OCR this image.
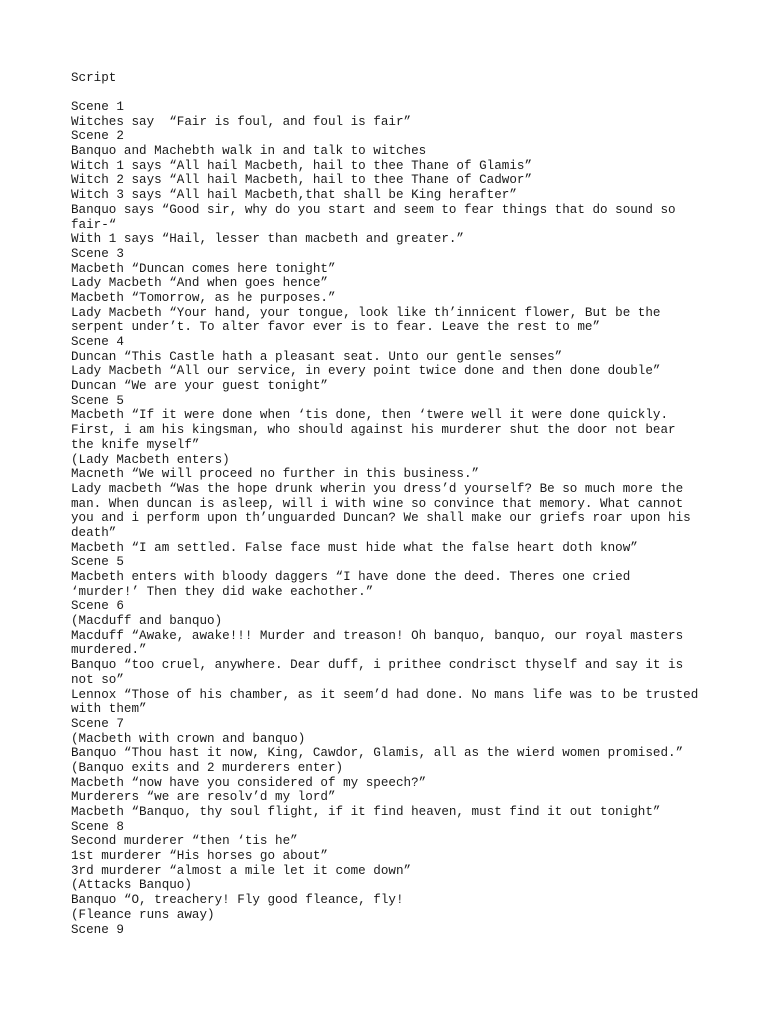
Script
Scene 1
Witches say  “Fair is foul, and foul is fair”
Scene 2
Banquo and Machebth walk in and talk to witches
Witch 1 says “All hail Macbeth, hail to thee Thane of Glamis”
Witch 2 says “All hail Macbeth, hail to thee Thane of Cadwor”
Witch 3 says “All hail Macbeth,that shall be King herafter”
Banquo says “Good sir, why do you start and seem to fear things that do sound so
fair-“
With 1 says “Hail, lesser than macbeth and greater.”
Scene 3
Macbeth “Duncan comes here tonight”
Lady Macbeth “And when goes hence”
Macbeth “Tomorrow, as he purposes.”
Lady Macbeth “Your hand, your tongue, look like th’innicent flower, But be the
serpent under’t. To alter favor ever is to fear. Leave the rest to me”
Scene 4
Duncan “This Castle hath a pleasant seat. Unto our gentle senses”
Lady Macbeth “All our service, in every point twice done and then done double”
Duncan “We are your guest tonight”
Scene 5
Macbeth “If it were done when ‘tis done, then ‘twere well it were done quickly.
First, i am his kingsman, who should against his murderer shut the door not bear
the knife myself”
(Lady Macbeth enters)
Macneth “We will proceed no further in this business.”
Lady macbeth “Was the hope drunk wherin you dress’d yourself? Be so much more the
man. When duncan is asleep, will i with wine so convince that memory. What cannot
you and i perform upon th’unguarded Duncan? We shall make our griefs roar upon his
death”
Macbeth “I am settled. False face must hide what the false heart doth know”
Scene 5
Macbeth enters with bloody daggers “I have done the deed. Theres one cried
‘murder!’ Then they did wake eachother.”
Scene 6
(Macduff and banquo)
Macduff “Awake, awake!!! Murder and treason! Oh banquo, banquo, our royal masters
murdered.”
Banquo “too cruel, anywhere. Dear duff, i prithee condrisct thyself and say it is
not so”
Lennox “Those of his chamber, as it seem’d had done. No mans life was to be trusted
with them”
Scene 7
(Macbeth with crown and banquo)
Banquo “Thou hast it now, King, Cawdor, Glamis, all as the wierd women promised.”
(Banquo exits and 2 murderers enter)
Macbeth “now have you considered of my speech?”
Murderers “we are resolv’d my lord”
Macbeth “Banquo, thy soul flight, if it find heaven, must find it out tonight”
Scene 8
Second murderer “then ‘tis he”
1st murderer “His horses go about”
3rd murderer “almost a mile let it come down”
(Attacks Banquo)
Banquo “O, treachery! Fly good fleance, fly!
(Fleance runs away)
Scene 9
